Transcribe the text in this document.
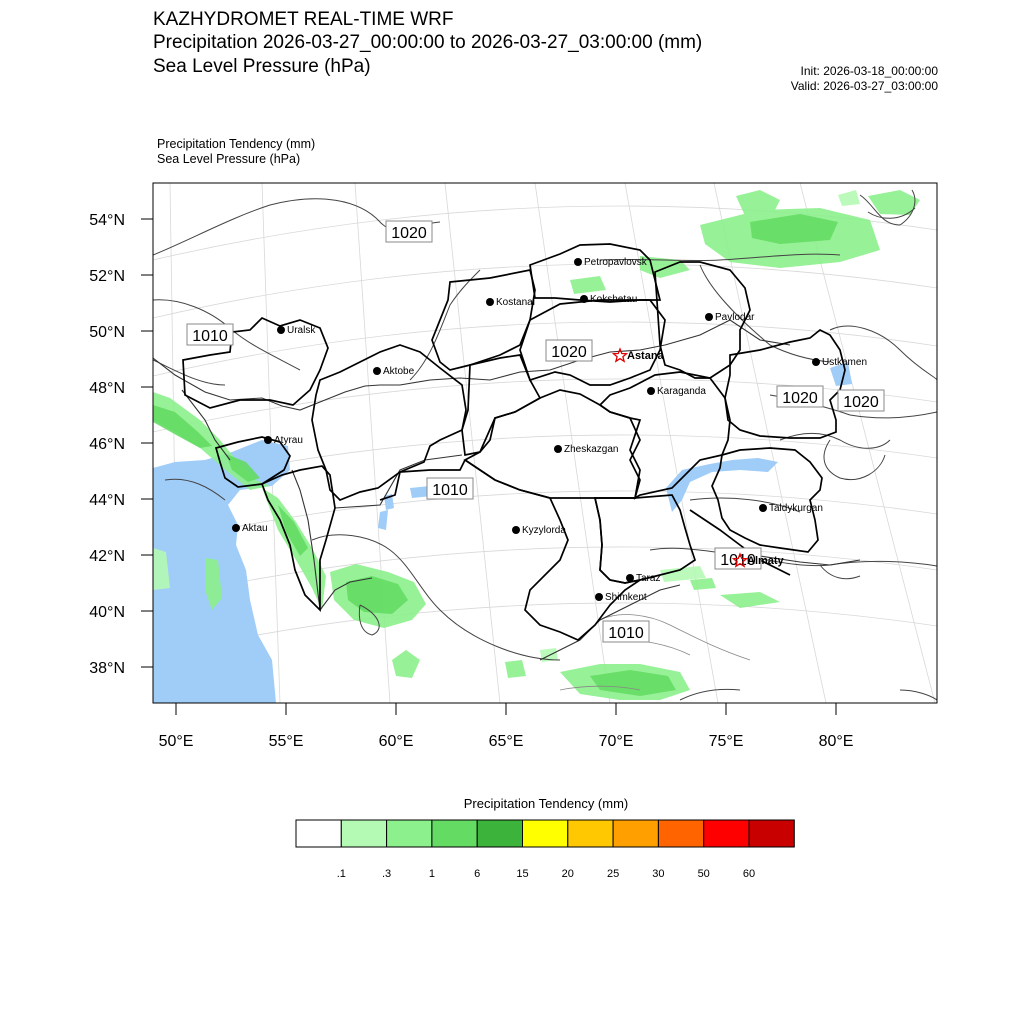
KAZHYDROMET REAL-TIME WRF
Precipitation 2026-03-27_00:00:00 to 2026-03-27_03:00:00 (mm)
Sea Level Pressure (hPa)	Init: 2026-03-18_00:00:00
Valid: 2026-03-27_03:00:00
Precipitation Tendency (mm)
Sea Level Pressure (hPa)
54°N
52°N
50°N
48°N
46°N
44°N
42°N
40°N
38°N
50°E	55°E	60°E	65°E	70°E	75°E	80°E
1020
1010
1020
1020 1020
1010
1010
1010
Petropavlovsk
Kostanai	Kokshetau
Pavlodar
Uralsk
Astana
Aktobe
Karaganda
Ustkamen
Atyrau
Zheskazgan
Taldykurgan
Aktau	Kyzylorda
Almaty
Taraz
Shimkent
.1	.3	1	6	15	20	25	30	50	60
Precipitation Tendency (mm)
